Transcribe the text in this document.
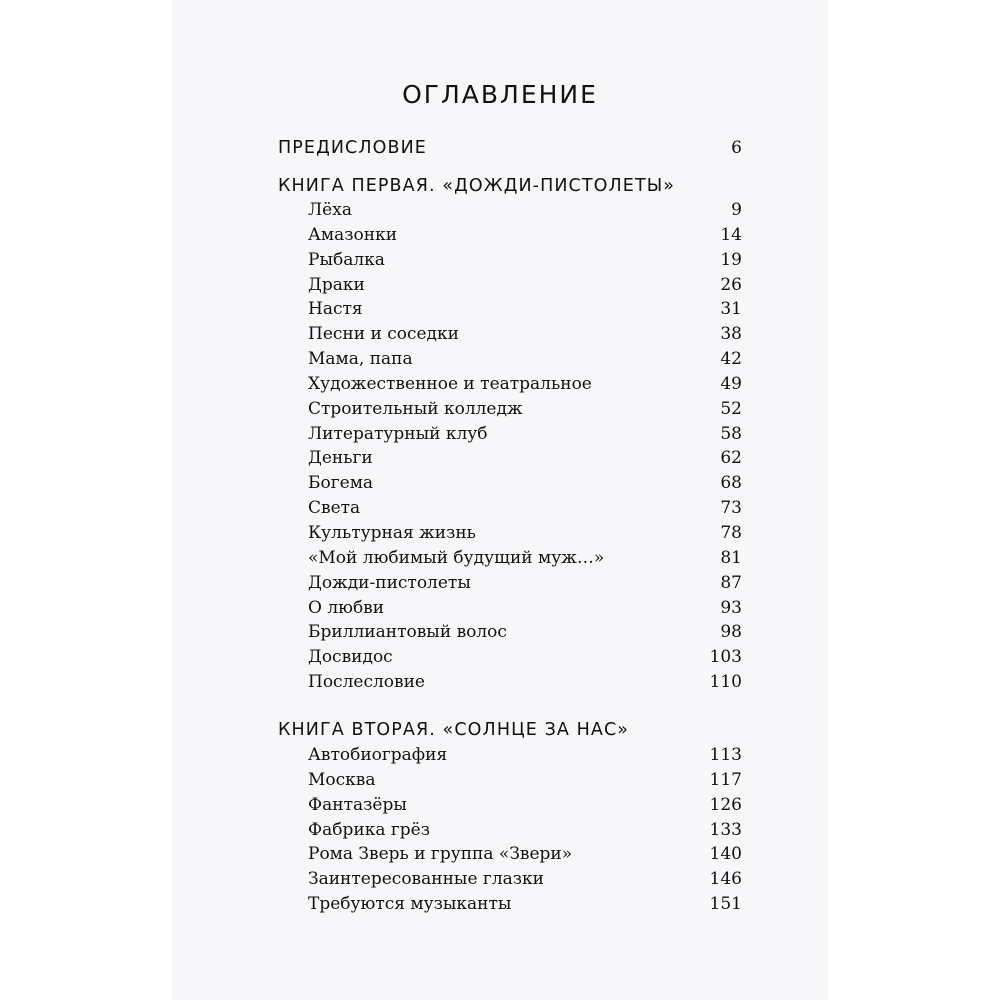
ОГЛАВЛЕНИЕ
ПРЕДИСЛОВИЕ	6
КНИГА ПЕРВАЯ. «ДОЖДИ-ПИСТОЛЕТЫ»
Лёха	9
Амазонки	14
Рыбалка	19
Драки	26
Настя	31
Песни и соседки	38
Мама, папа	42
Художественное и театральное	49
Строительный колледж	52
Литературный клуб	58
Деньги	62
Богема	68
Света	73
Культурная жизнь	78
«Мой любимый будущий муж…»	81
Дожди-пистолеты	87
О любви	93
Бриллиантовый волос	98
Досвидос	103
Послесловие	110
КНИГА ВТОРАЯ. «СОЛНЦЕ ЗА НАС»
Автобиография	113
Москва	117
Фантазёры	126
Фабрика грёз	133
Рома Зверь и группа «Звери»	140
Заинтересованные глазки	146
Требуются музыканты	151
